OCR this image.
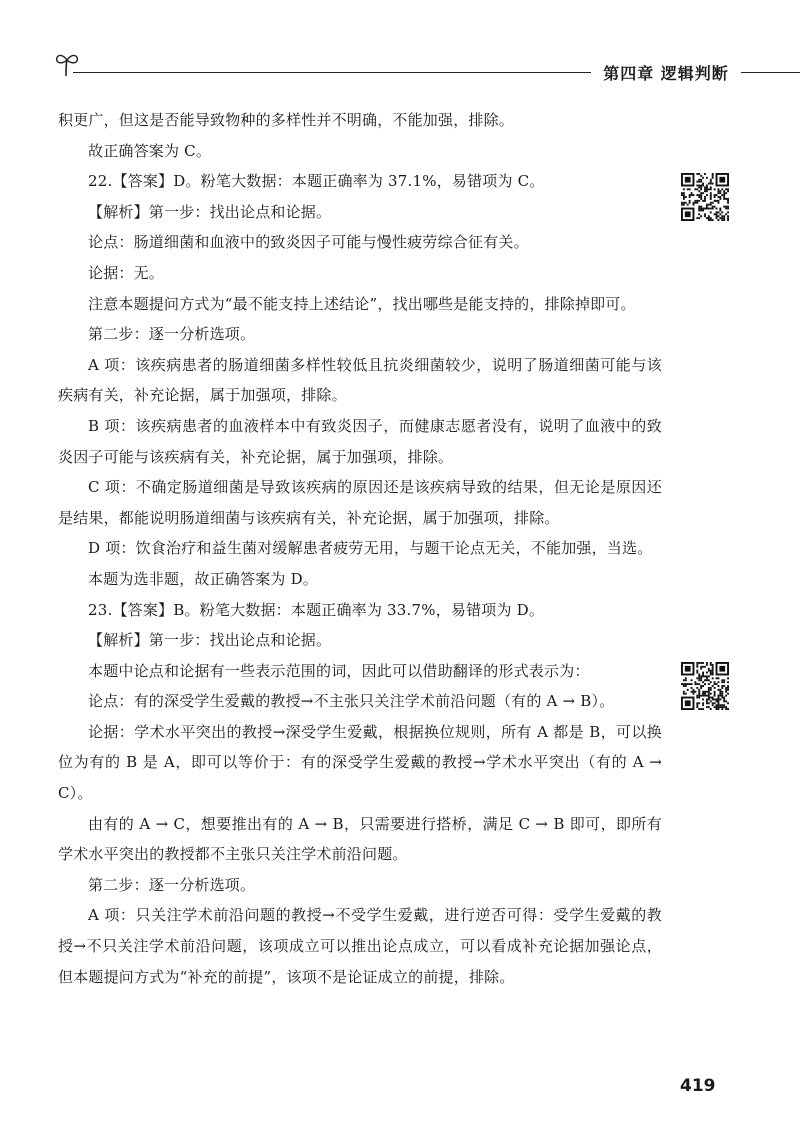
第四章 逻辑判断

积更广，但这是否能导致物种的多样性并不明确，不能加强，排除。

故正确答案为 C。

22.【答案】D。粉笔大数据：本题正确率为 37.1%，易错项为 C。

【解析】第一步：找出论点和论据。

论点：肠道细菌和血液中的致炎因子可能与慢性疲劳综合征有关。

论据：无。

注意本题提问方式为“最不能支持上述结论”，找出哪些是能支持的，排除掉即可。

第二步：逐一分析选项。

A 项：该疾病患者的肠道细菌多样性较低且抗炎细菌较少，说明了肠道细菌可能与该疾病有关，补充论据，属于加强项，排除。

B 项：该疾病患者的血液样本中有致炎因子，而健康志愿者没有，说明了血液中的致炎因子可能与该疾病有关，补充论据，属于加强项，排除。

C 项：不确定肠道细菌是导致该疾病的原因还是该疾病导致的结果，但无论是原因还是结果，都能说明肠道细菌与该疾病有关，补充论据，属于加强项，排除。

D 项：饮食治疗和益生菌对缓解患者疲劳无用，与题干论点无关，不能加强，当选。

本题为选非题，故正确答案为 D。

23.【答案】B。粉笔大数据：本题正确率为 33.7%，易错项为 D。

【解析】第一步：找出论点和论据。

本题中论点和论据有一些表示范围的词，因此可以借助翻译的形式表示为：

论点：有的深受学生爱戴的教授→不主张只关注学术前沿问题（有的 A → B）。

论据：学术水平突出的教授→深受学生爱戴，根据换位规则，所有 A 都是 B，可以换位为有的 B 是 A，即可以等价于：有的深受学生爱戴的教授→学术水平突出（有的 A → C）。

由有的 A → C，想要推出有的 A → B，只需要进行搭桥，满足 C → B 即可，即所有学术水平突出的教授都不主张只关注学术前沿问题。

第二步：逐一分析选项。

A 项：只关注学术前沿问题的教授→不受学生爱戴，进行逆否可得：受学生爱戴的教授→不只关注学术前沿问题，该项成立可以推出论点成立，可以看成补充论据加强论点，但本题提问方式为“补充的前提”，该项不是论证成立的前提，排除。

419
